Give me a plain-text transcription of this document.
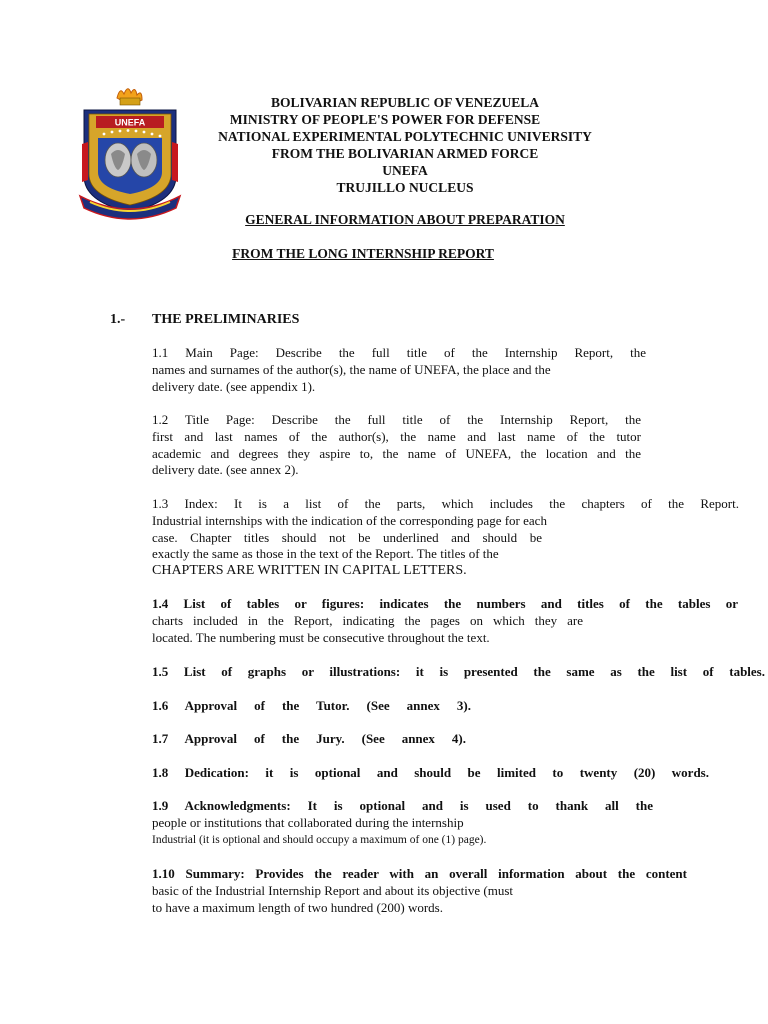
UNEFA
BOLIVARIAN REPUBLIC OF VENEZUELA
MINISTRY OF PEOPLE'S POWER FOR DEFENSE
NATIONAL EXPERIMENTAL POLYTECHNIC UNIVERSITY
FROM THE BOLIVARIAN ARMED FORCE
UNEFA
TRUJILLO NUCLEUS
GENERAL INFORMATION ABOUT PREPARATION
FROM THE LONG INTERNSHIP REPORT
1.- THE PRELIMINARIES
1.1 Main Page: Describe the full title of the Internship Report, the
names and surnames of the author(s), the name of UNEFA, the place and the
delivery date. (see appendix 1).
1.2 Title Page: Describe the full title of the Internship Report, the
first and last names of the author(s), the name and last name of the tutor
academic and degrees they aspire to, the name of UNEFA, the location and the
delivery date. (see annex 2).
1.3 Index: It is a list of the parts, which includes the chapters of the Report.
Industrial internships with the indication of the corresponding page for each
case. Chapter titles should not be underlined and should be
exactly the same as those in the text of the Report. The titles of the
CHAPTERS ARE WRITTEN IN CAPITAL LETTERS.
1.4 List of tables or figures: indicates the numbers and titles of the tables or
charts included in the Report, indicating the pages on which they are
located. The numbering must be consecutive throughout the text.
1.5 List of graphs or illustrations: it is presented the same as the list of tables.
1.6 Approval of the Tutor. (See annex 3).
1.7 Approval of the Jury. (See annex 4).
1.8 Dedication: it is optional and should be limited to twenty (20) words.
1.9 Acknowledgments: It is optional and is used to thank all the
people or institutions that collaborated during the internship
Industrial (it is optional and should occupy a maximum of one (1) page).
1.10 Summary: Provides the reader with an overall information about the content
basic of the Industrial Internship Report and about its objective (must
to have a maximum length of two hundred (200) words.
